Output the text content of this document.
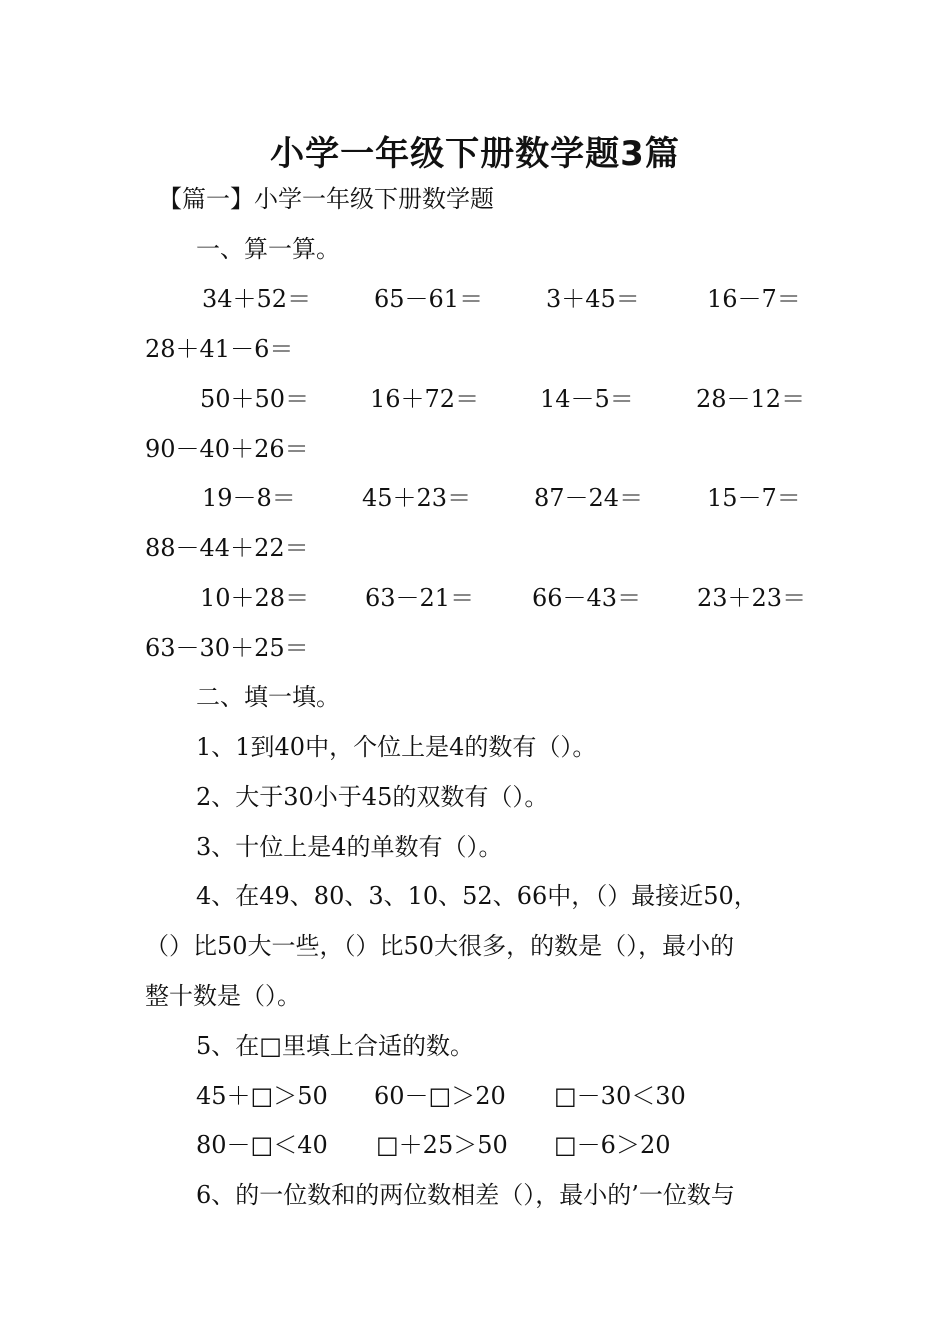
小学一年级下册数学题3篇
【篇一】小学一年级下册数学题
一、算一算。
34＋52＝	65－61＝	3＋45＝	16－7＝
28＋41－6＝
50＋50＝	16＋72＝	14－5＝	28－12＝
90－40＋26＝
19－8＝	45＋23＝	87－24＝	15－7＝
88－44＋22＝
10＋28＝ 63－21＝ 66－43＝ 23＋23＝
63－30＋25＝
二、填一填。
1、1到40中，个位上是4的数有（）。
2、大于30小于45的双数有（）。
3、十位上是4的单数有（）。
4、在49、80、3、10、52、66中，（）最接近50，
（）比50大一些，（）比50大很多，的数是（），最小的
整十数是（）。
5、在□里填上合适的数。
45＋□＞50 60－□＞20 □－30＜30
80－□＜40 □＋25＞50 □－6＞20
6、的一位数和的两位数相差（），最小的’一位数与
